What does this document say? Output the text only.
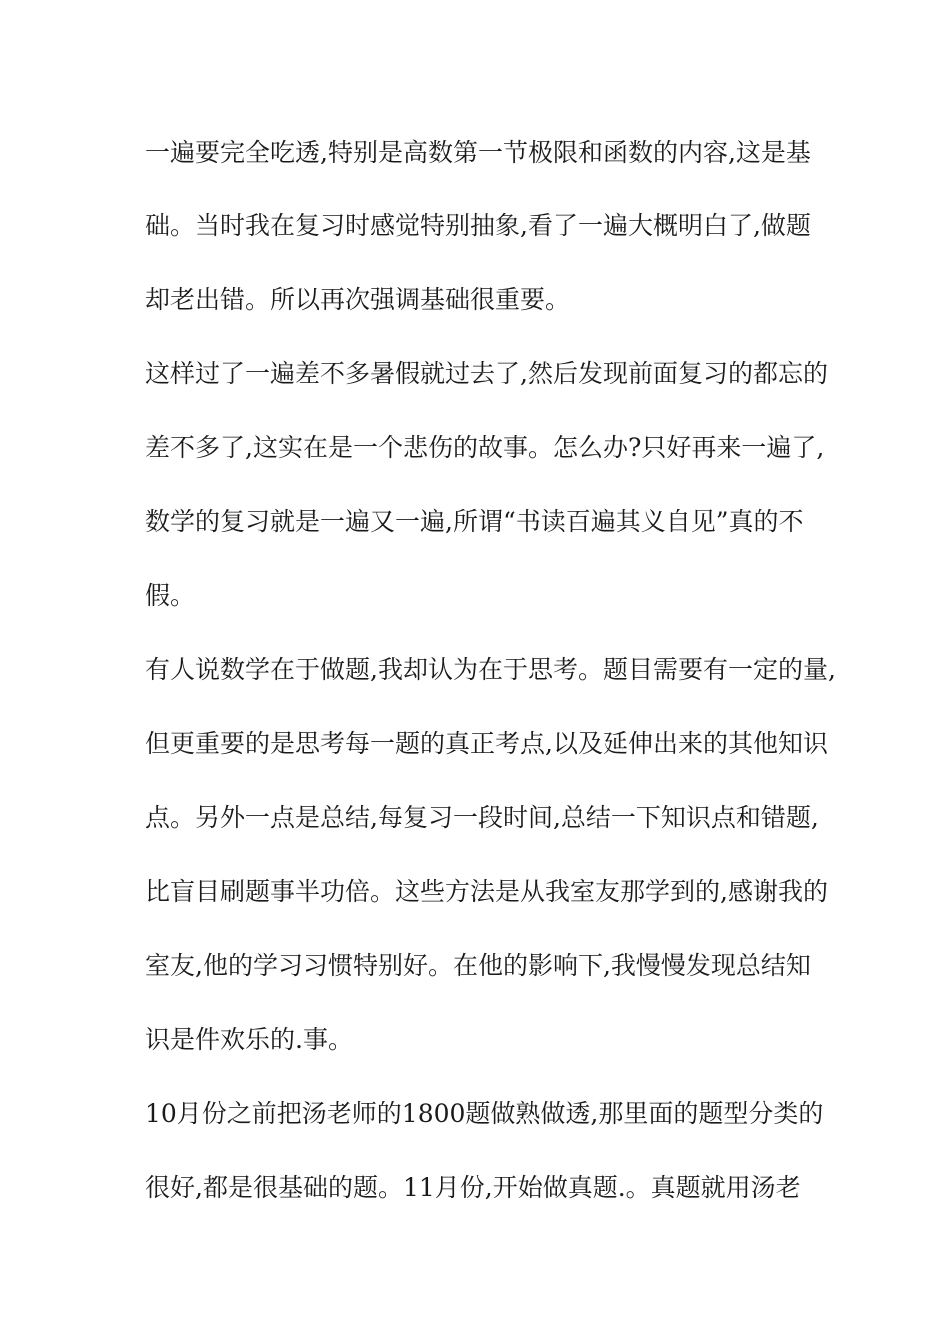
一遍要完全吃透,特别是高数第一节极限和函数的内容,这是基
础。当时我在复习时感觉特别抽象,看了一遍大概明白了,做题
却老出错。所以再次强调基础很重要。
这样过了一遍差不多暑假就过去了,然后发现前面复习的都忘的
差不多了,这实在是一个悲伤的故事。怎么办?只好再来一遍了,
数学的复习就是一遍又一遍,所谓“书读百遍其义自见”真的不
假。
有人说数学在于做题,我却认为在于思考。题目需要有一定的量,
但更重要的是思考每一题的真正考点,以及延伸出来的其他知识
点。另外一点是总结,每复习一段时间,总结一下知识点和错题,
比盲目刷题事半功倍。这些方法是从我室友那学到的,感谢我的
室友,他的学习习惯特别好。在他的影响下,我慢慢发现总结知
识是件欢乐的.事。
10月份之前把汤老师的1800题做熟做透,那里面的题型分类的
很好,都是很基础的题。11月份,开始做真题.。真题就用汤老
